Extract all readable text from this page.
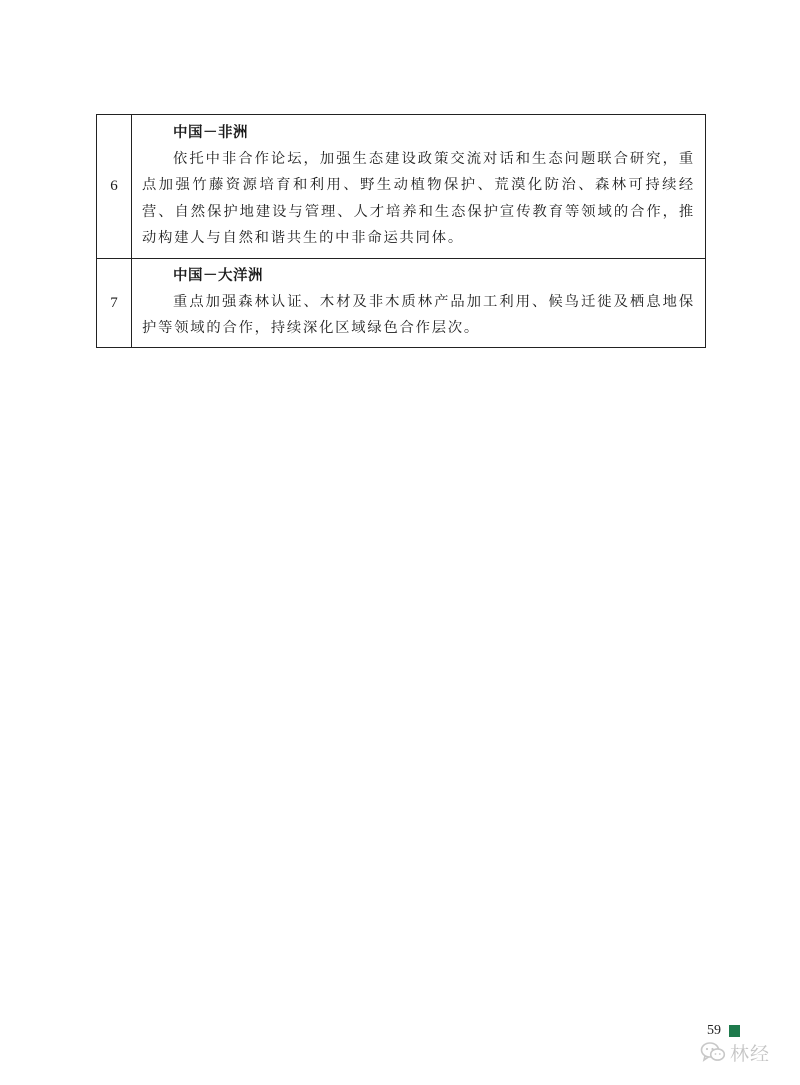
6	中国－非洲

依托中非合作论坛，加强生态建设政策交流对话和生态问题联合研究，重点加强竹藤资源培育和利用、野生动植物保护、荒漠化防治、森林可持续经营、自然保护地建设与管理、人才培养和生态保护宣传教育等领域的合作，推动构建人与自然和谐共生的中非命运共同体。

7	中国－大洋洲

重点加强森林认证、木材及非木质林产品加工利用、候鸟迁徙及栖息地保护等领域的合作，持续深化区域绿色合作层次。

59
林经
